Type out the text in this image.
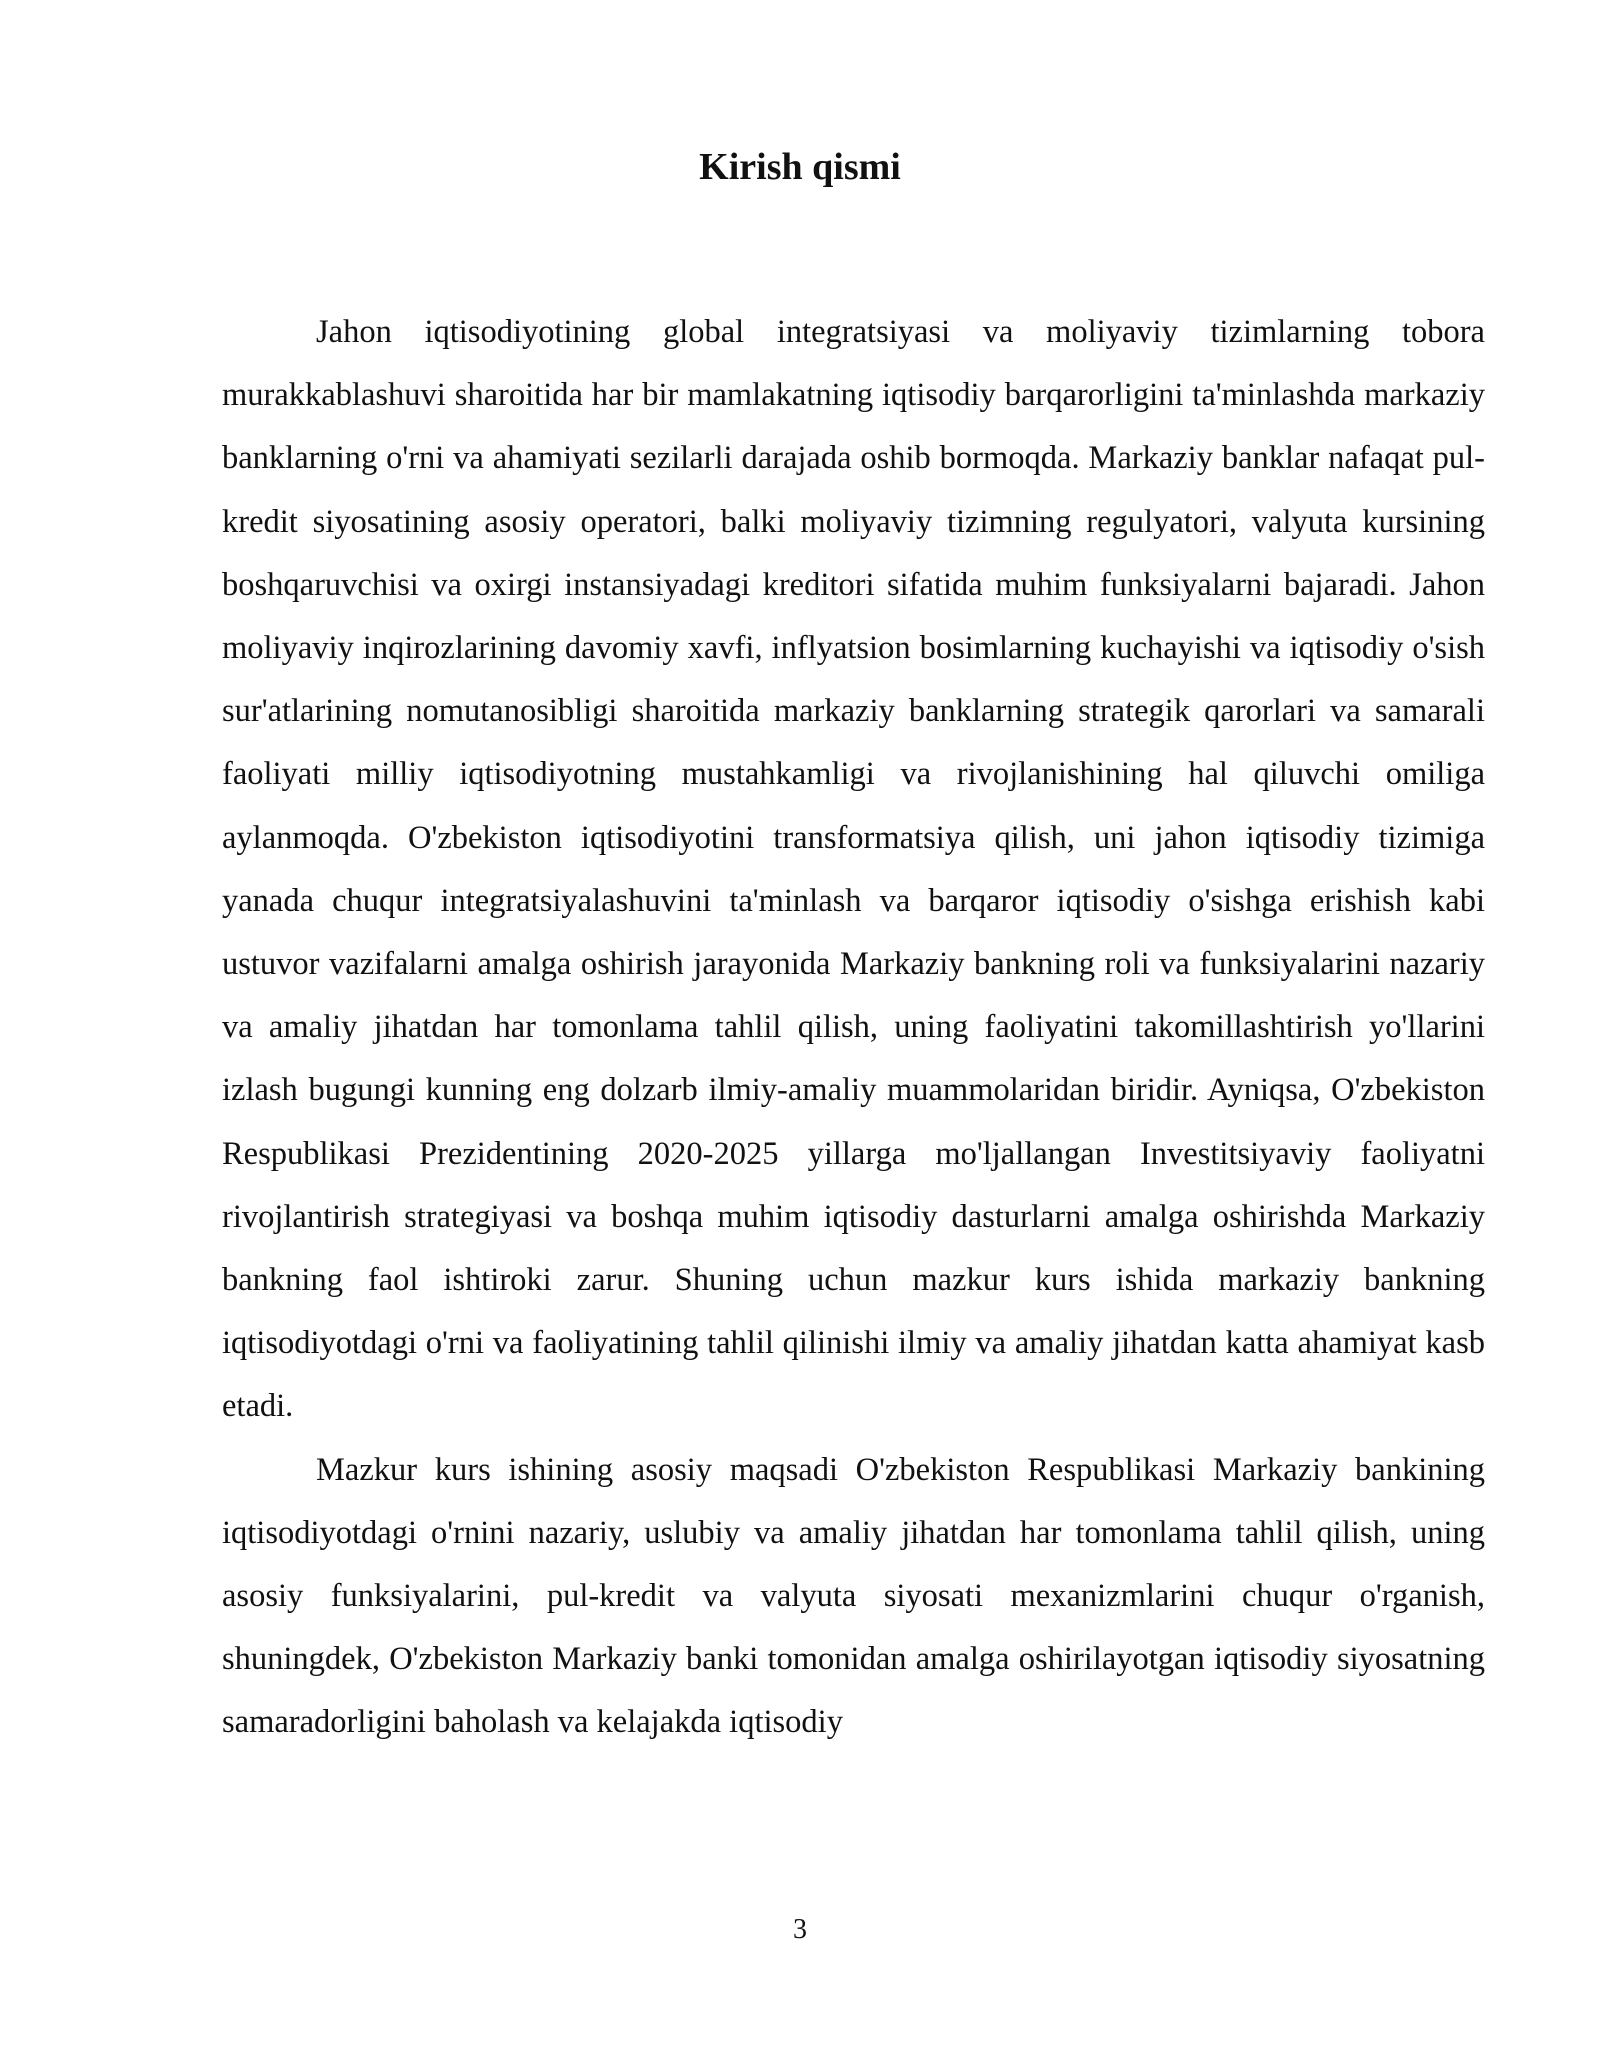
Kirish qismi

Jahon iqtisodiyotining global integratsiyasi va moliyaviy tizimlarning tobora murakkablashuvi sharoitida har bir mamlakatning iqtisodiy barqarorligini ta'minlashda markaziy banklarning o'rni va ahamiyati sezilarli darajada oshib bormoqda. Markaziy banklar nafaqat pul-kredit siyosatining asosiy operatori, balki moliyaviy tizimning regulyatori, valyuta kursining boshqaruvchisi va oxirgi instansiyadagi kreditori sifatida muhim funksiyalarni bajaradi. Jahon moliyaviy inqirozlarining davomiy xavfi, inflyatsion bosimlarning kuchayishi va iqtisodiy o'sish sur'atlarining nomutanosibligi sharoitida markaziy banklarning strategik qarorlari va samarali faoliyati milliy iqtisodiyotning mustahkamligi va rivojlanishining hal qiluvchi omiliga aylanmoqda. O'zbekiston iqtisodiyotini transformatsiya qilish, uni jahon iqtisodiy tizimiga yanada chuqur integratsiyalashuvini ta'minlash va barqaror iqtisodiy o'sishga erishish kabi ustuvor vazifalarni amalga oshirish jarayonida Markaziy bankning roli va funksiyalarini nazariy va amaliy jihatdan har tomonlama tahlil qilish, uning faoliyatini takomillashtirish yo'llarini izlash bugungi kunning eng dolzarb ilmiy-amaliy muammolaridan biridir. Ayniqsa, O'zbekiston Respublikasi Prezidentining 2020-2025 yillarga mo'ljallangan Investitsiyaviy faoliyatni rivojlantirish strategiyasi va boshqa muhim iqtisodiy dasturlarni amalga oshirishda Markaziy bankning faol ishtiroki zarur. Shuning uchun mazkur kurs ishida markaziy bankning iqtisodiyotdagi o'rni va faoliyatining tahlil qilinishi ilmiy va amaliy jihatdan katta ahamiyat kasb etadi.

Mazkur kurs ishining asosiy maqsadi O'zbekiston Respublikasi Markaziy bankining iqtisodiyotdagi o'rnini nazariy, uslubiy va amaliy jihatdan har tomonlama tahlil qilish, uning asosiy funksiyalarini, pul-kredit va valyuta siyosati mexanizmlarini chuqur o'rganish, shuningdek, O'zbekiston Markaziy banki tomonidan amalga oshirilayotgan iqtisodiy siyosatning samaradorligini baholash va kelajakda iqtisodiy

3
